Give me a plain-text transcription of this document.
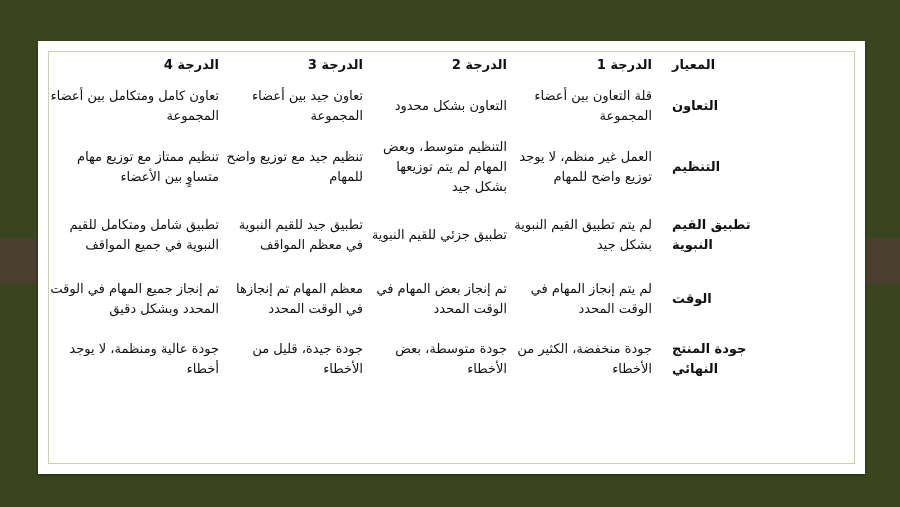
المعيار
الدرجة 1
الدرجة 2
الدرجة 3
الدرجة 4
التعاون
قلة التعاون بين أعضاء المجموعة
التعاون بشكل محدود
تعاون جيد بين أعضاء المجموعة
تعاون كامل ومتكامل بين أعضاء المجموعة
التنظيم
العمل غير منظم، لا يوجد توزيع واضح للمهام
التنظيم متوسط، وبعض المهام لم يتم توزيعها بشكل جيد
تنظيم جيد مع توزيع واضح للمهام
تنظيم ممتاز مع توزيع مهام متساوٍ بين الأعضاء
تطبيق القيم النبوية
لم يتم تطبيق القيم النبوية بشكل جيد
تطبيق جزئي للقيم النبوية
تطبيق جيد للقيم النبوية في معظم المواقف
تطبيق شامل ومتكامل للقيم النبوية في جميع المواقف
الوقت
لم يتم إنجاز المهام في الوقت المحدد
تم إنجاز بعض المهام في الوقت المحدد
معظم المهام تم إنجازها في الوقت المحدد
تم إنجاز جميع المهام في الوقت المحدد وبشكل دقيق
جودة المنتج النهائي
جودة منخفضة، الكثير من الأخطاء
جودة متوسطة، بعض الأخطاء
جودة جيدة، قليل من الأخطاء
جودة عالية ومنظمة، لا يوجد أخطاء
